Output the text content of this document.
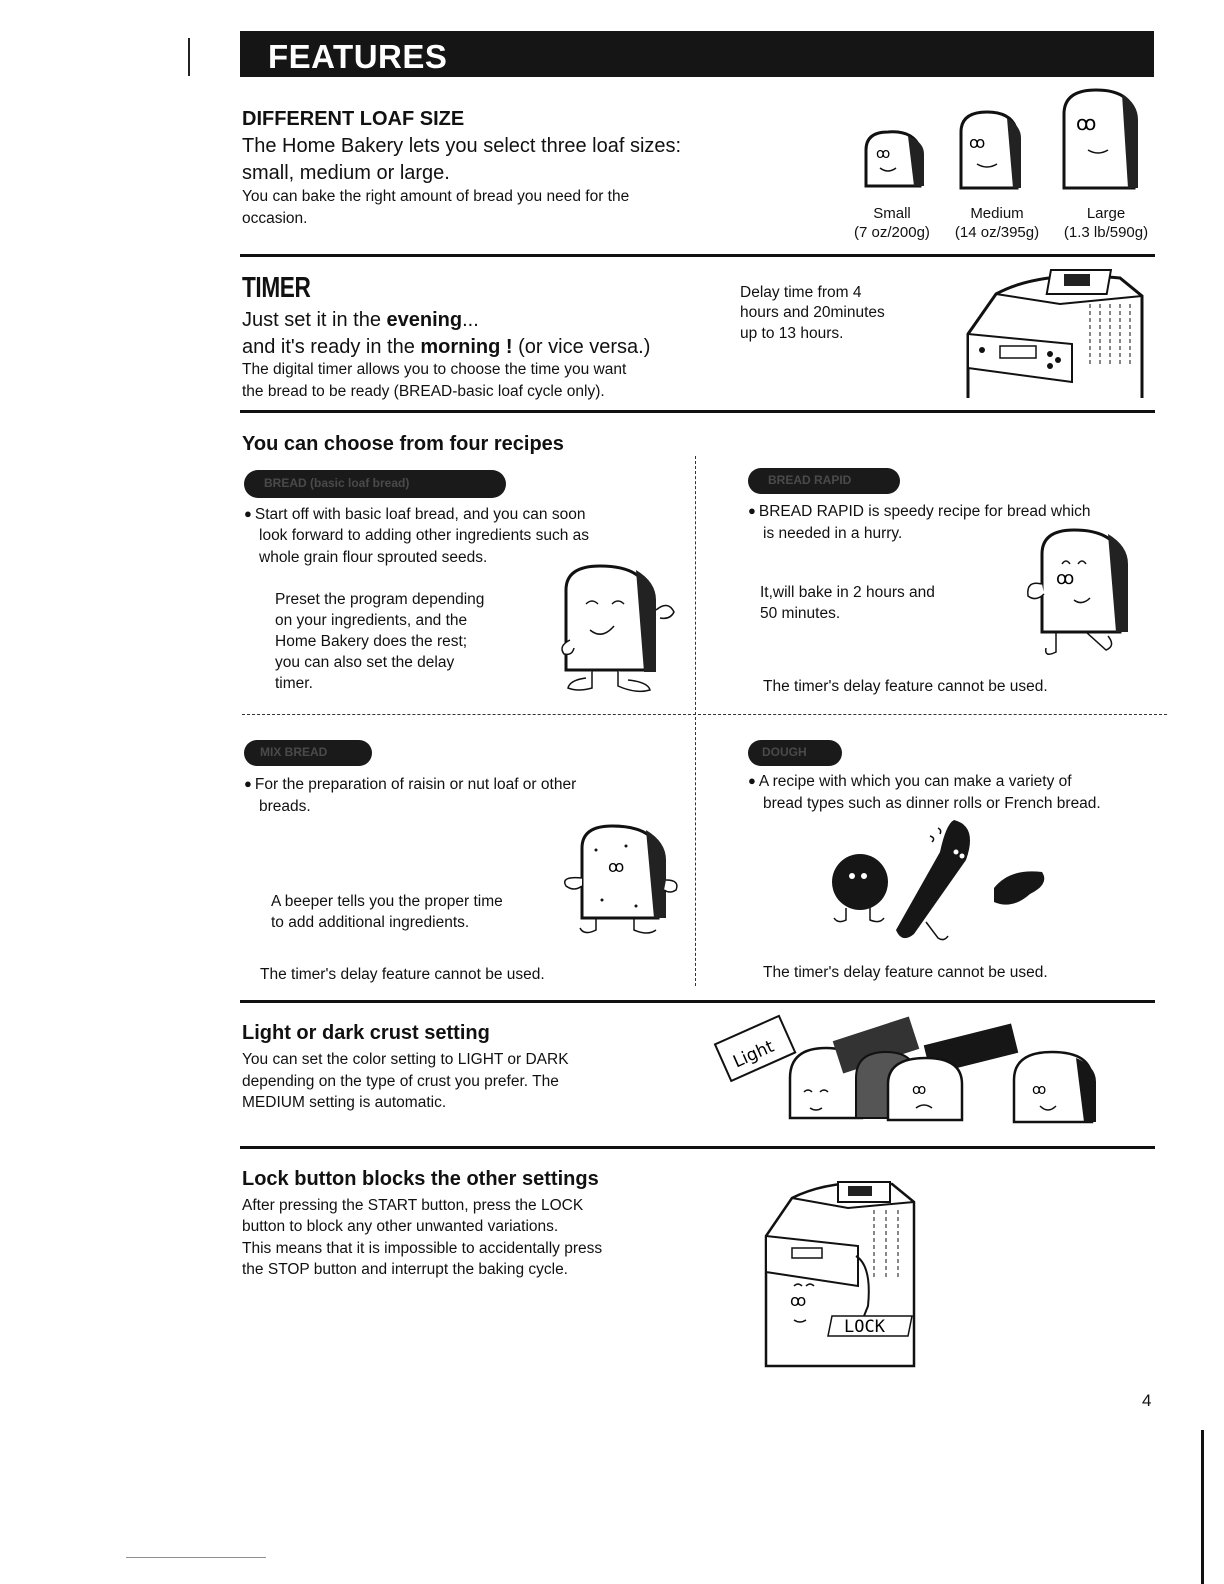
FEATURES
DIFFERENT LOAF SIZE
The Home Bakery lets you select three loaf sizes:
small, medium or large.
You can bake the right amount of bread you need for the
occasion.
ꝏ
ꝏ
ꝏ
Small
(7 oz/200g)
Medium
(14 oz/395g)
Large
(1.3 lb/590g)
TIMER
Just set it in the evening...
and it's ready in the morning ! (or vice versa.)
The digital timer allows you to choose the time you want
the bread to be ready (BREAD-basic loaf cycle only).
Delay time from 4
hours and 20minutes
up to 13 hours.
You can choose from four recipes
BREAD (basic loaf bread)
● Start off with basic loaf bread, and you can soon
look forward to adding other ingredients such as
whole grain flour sprouted seeds.
Preset the program depending
on your ingredients, and the
Home Bakery does the rest;
you can also set the delay
timer.
BREAD RAPID
● BREAD RAPID is speedy recipe for bread which
is needed in a hurry.
It,will bake in 2 hours and
50 minutes.
The timer's delay feature cannot be used.
ꝏ
MIX BREAD
● For the preparation of raisin or nut loaf or other
breads.
A beeper tells you the proper time
to add additional ingredients.
The timer's delay feature cannot be used.
ꝏ
DOUGH
● A recipe with which you can make a variety of
bread types such as dinner rolls or French bread.
The timer's delay feature cannot be used.
Light or dark crust setting
You can set the color setting to LIGHT or DARK
depending on the type of crust you prefer. The
MEDIUM setting is automatic.
Light
ꝏ	ꝏ
Lock button blocks the other settings
After pressing the START button, press the LOCK
button to block any other unwanted variations.
This means that it is impossible to accidentally press
the STOP button and interrupt the baking cycle.
ꝏ
LOCK
4
